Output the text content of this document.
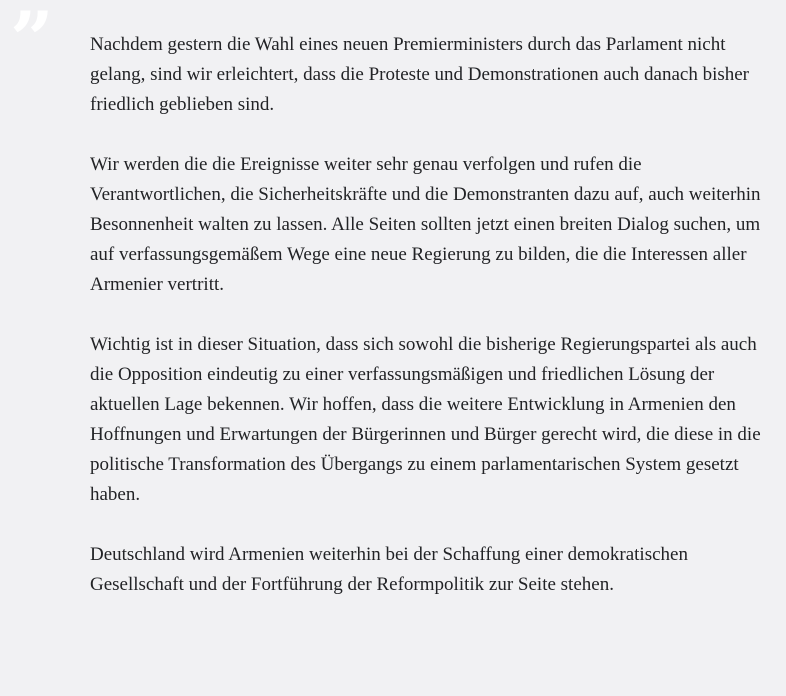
” Nachdem gestern die Wahl eines neuen Premierministers durch das Parlament nicht gelang, sind wir erleichtert, dass die Proteste und Demonstrationen auch danach bisher friedlich geblieben sind.

Wir werden die die Ereignisse weiter sehr genau verfolgen und rufen die Verantwortlichen, die Sicherheitskräfte und die Demonstranten dazu auf, auch weiterhin Besonnenheit walten zu lassen. Alle Seiten sollten jetzt einen breiten Dialog suchen, um auf verfassungsgemäßem Wege eine neue Regierung zu bilden, die die Interessen aller Armenier vertritt.

Wichtig ist in dieser Situation, dass sich sowohl die bisherige Regierungspartei als auch die Opposition eindeutig zu einer verfassungsmäßigen und friedlichen Lösung der aktuellen Lage bekennen. Wir hoffen, dass die weitere Entwicklung in Armenien den Hoffnungen und Erwartungen der Bürgerinnen und Bürger gerecht wird, die diese in die politische Transformation des Übergangs zu einem parlamentarischen System gesetzt haben.

Deutschland wird Armenien weiterhin bei der Schaffung einer demokratischen Gesellschaft und der Fortführung der Reformpolitik zur Seite stehen.
